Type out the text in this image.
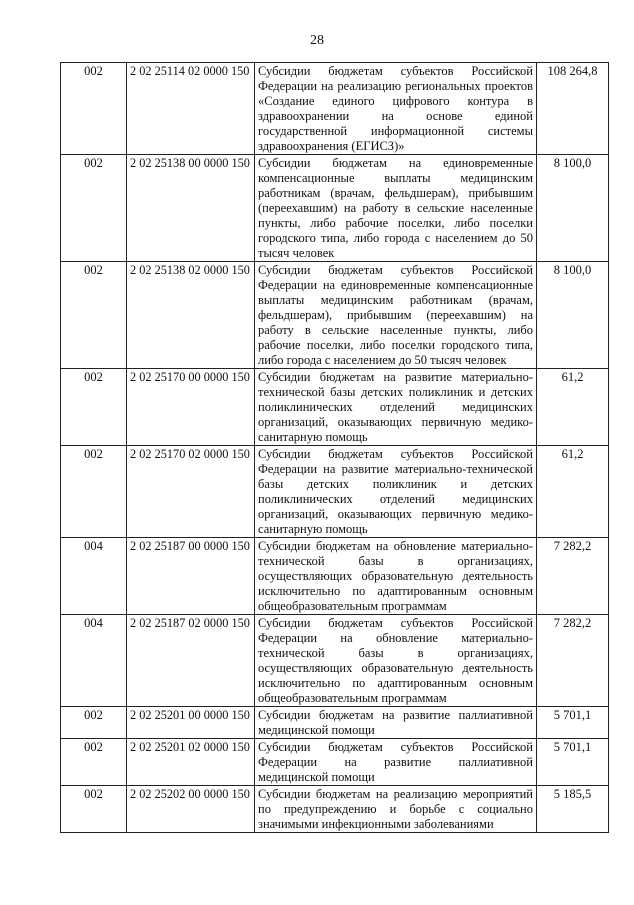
28
002	2 02 25114 02 0000 150	Субсидии бюджетам субъектов Российской Федерации на реализацию региональных проектов «Создание единого цифрового контура в здравоохранении на основе единой государственной информационной системы здравоохранения (ЕГИСЗ)»	108 264,8
002	2 02 25138 00 0000 150	Субсидии бюджетам на единовременные компенсационные выплаты медицинским работникам (врачам, фельдшерам), прибывшим (переехавшим) на работу в сельские населенные пункты, либо рабочие поселки, либо поселки городского типа, либо города с населением до 50 тысяч человек	8 100,0
002	2 02 25138 02 0000 150	Субсидии бюджетам субъектов Российской Федерации на единовременные компенсационные выплаты медицинским работникам (врачам, фельдшерам), прибывшим (переехавшим) на работу в сельские населенные пункты, либо рабочие поселки, либо поселки городского типа, либо города с населением до 50 тысяч человек	8 100,0
002	2 02 25170 00 0000 150	Субсидии бюджетам на развитие материально-технической базы детских поликлиник и детских поликлинических отделений медицинских организаций, оказывающих первичную медико-санитарную помощь	61,2
002	2 02 25170 02 0000 150	Субсидии бюджетам субъектов Российской Федерации на развитие материально-технической базы детских поликлиник и детских поликлинических отделений медицинских организаций, оказывающих первичную медико-санитарную помощь	61,2
004	2 02 25187 00 0000 150	Субсидии бюджетам на обновление материально-технической базы в организациях, осуществляющих образовательную деятельность исключительно по адаптированным основным общеобразовательным программам	7 282,2
004	2 02 25187 02 0000 150	Субсидии бюджетам субъектов Российской Федерации на обновление материально-технической базы в организациях, осуществляющих образовательную деятельность исключительно по адаптированным основным общеобразовательным программам	7 282,2
002	2 02 25201 00 0000 150	Субсидии бюджетам на развитие паллиативной медицинской помощи	5 701,1
002	2 02 25201 02 0000 150	Субсидии бюджетам субъектов Российской Федерации на развитие паллиативной медицинской помощи	5 701,1
002	2 02 25202 00 0000 150	Субсидии бюджетам на реализацию мероприятий по предупреждению и борьбе с социально значимыми инфекционными заболеваниями	5 185,5
